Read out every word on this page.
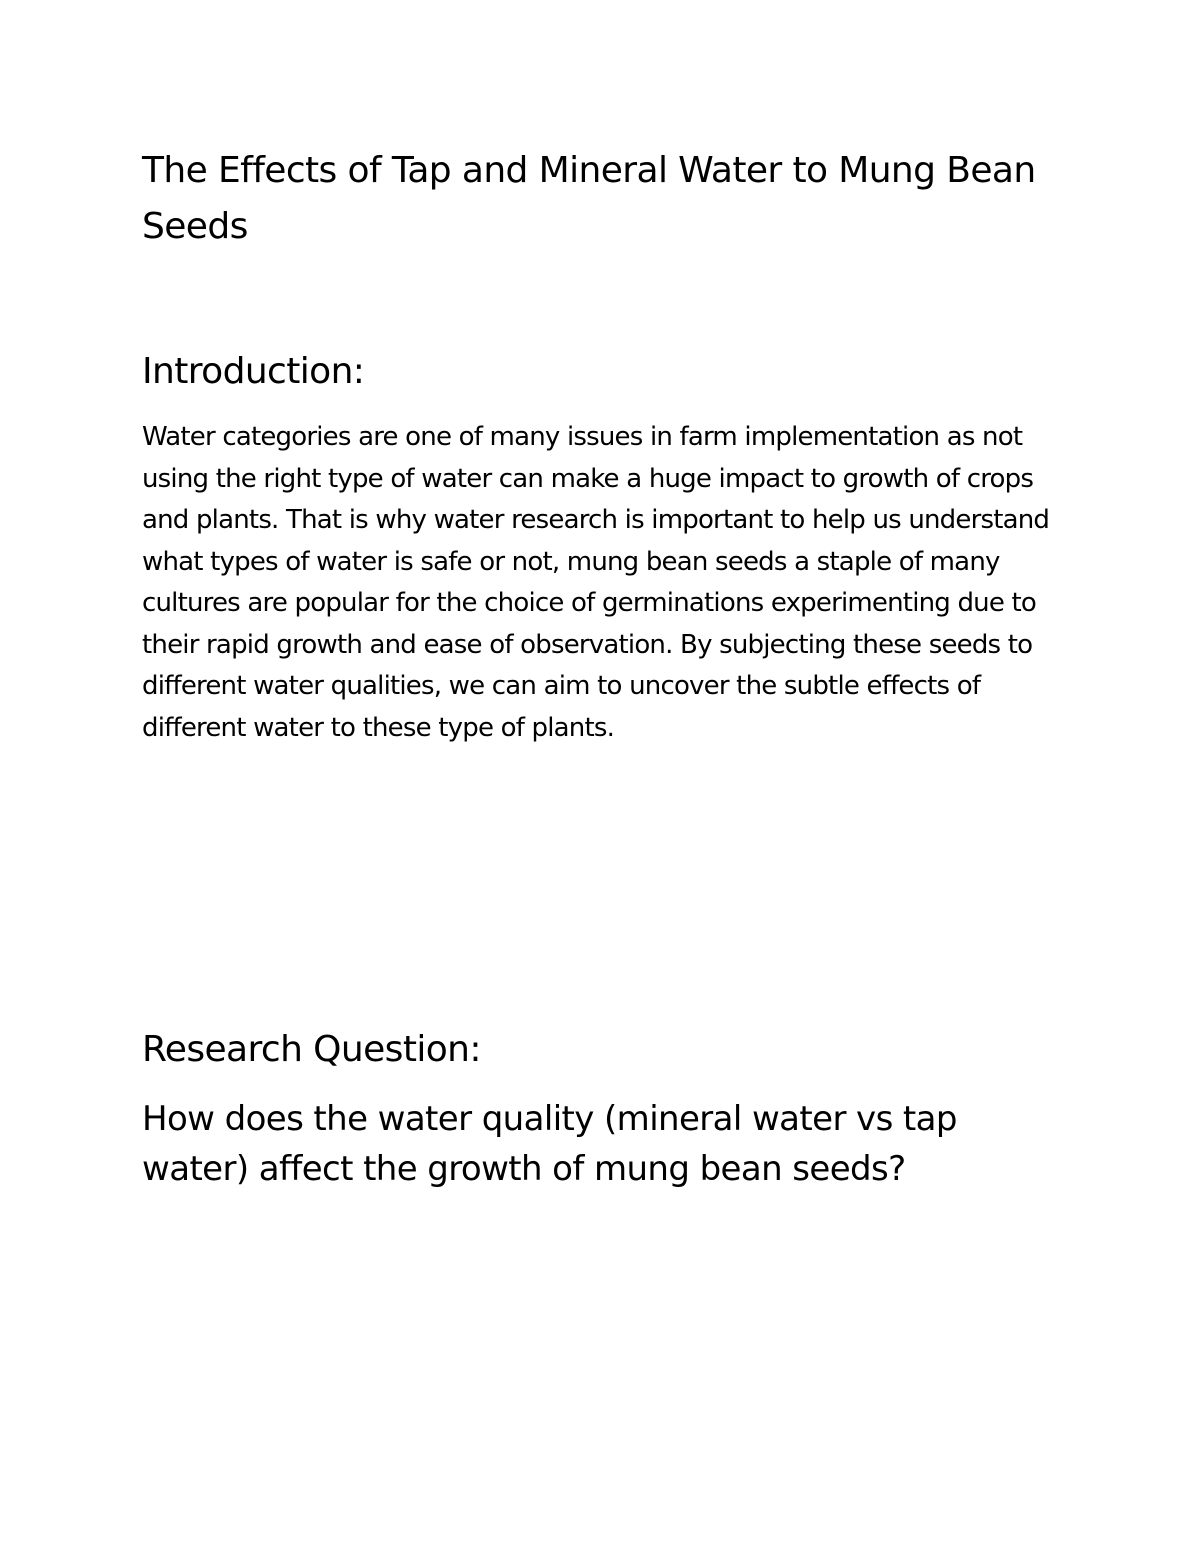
The Effects of Tap and Mineral Water to Mung Bean Seeds
Introduction:

Water categories are one of many issues in farm implementation as not using the right type of water can make a huge impact to growth of crops and plants. That is why water research is important to help us understand what types of water is safe or not, mung bean seeds a staple of many cultures are popular for the choice of germinations experimenting due to their rapid growth and ease of observation. By subjecting these seeds to different water qualities, we can aim to uncover the subtle effects of different water to these type of plants.

Research Question:

How does the water quality (mineral water vs tap water) affect the growth of mung bean seeds?
